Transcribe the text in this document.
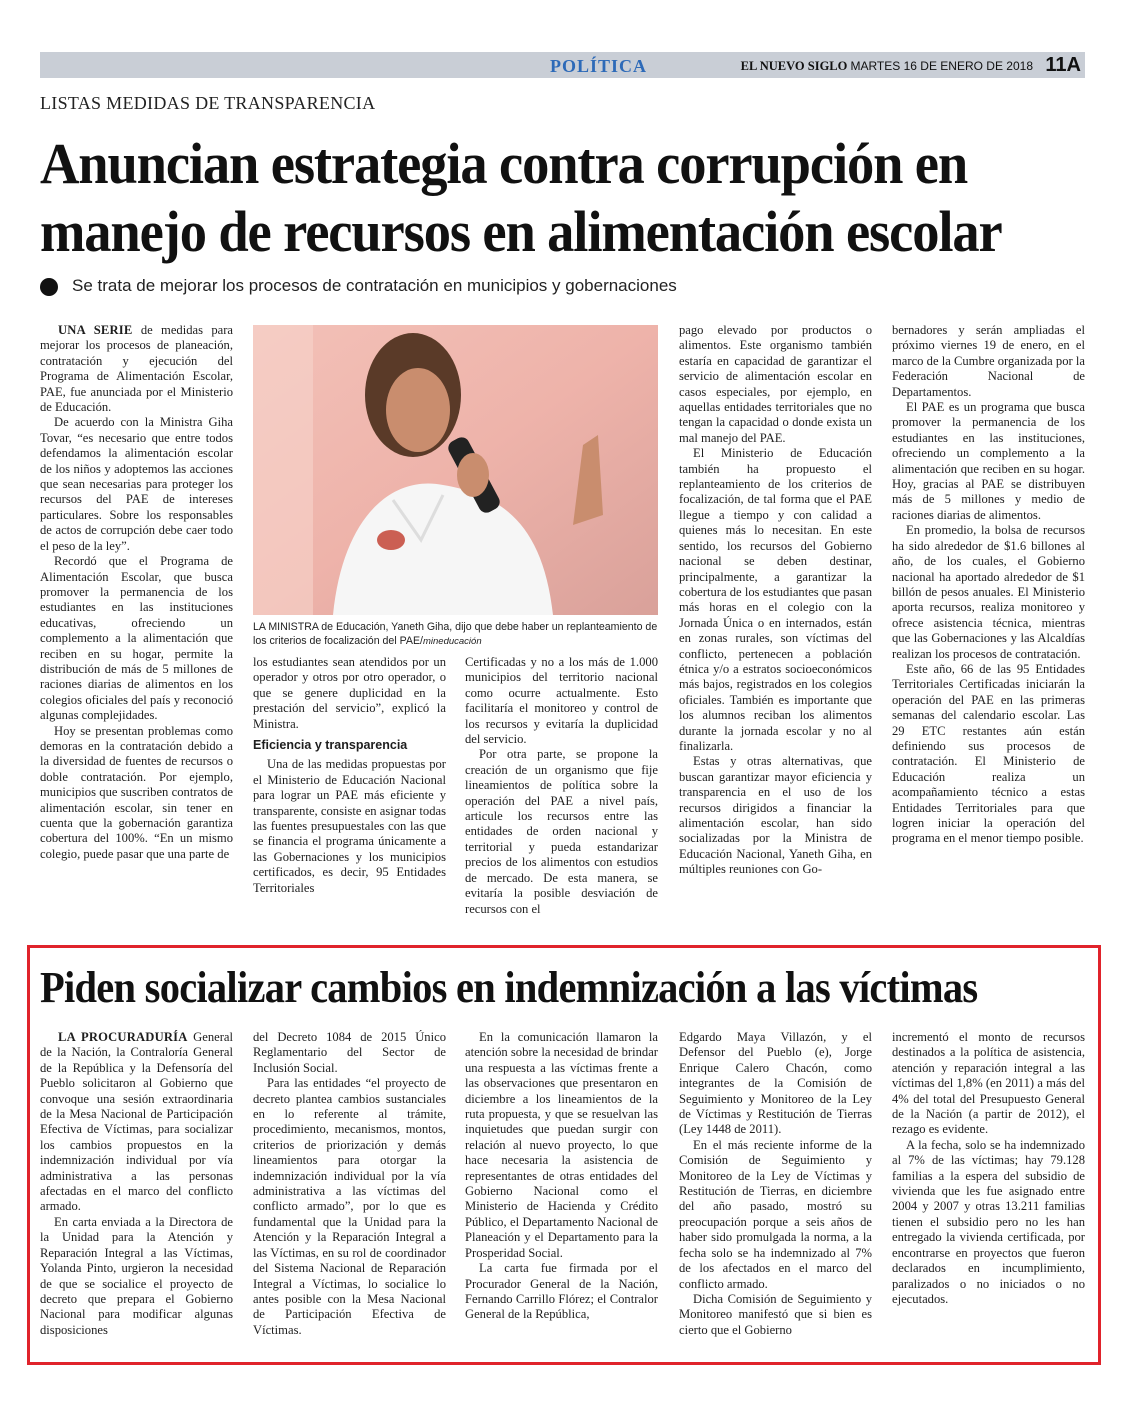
POLÍTICA	EL NUEVO SIGLO MARTES 16 DE ENERO DE 2018 11A
LISTAS MEDIDAS DE TRANSPARENCIA
Anuncian estrategia contra corrupción en
manejo de recursos en alimentación escolar
Se trata de mejorar los procesos de contratación en municipios y gobernaciones

UNA SERIE de medidas para mejorar los procesos de planeación, contratación y ejecución del Programa de Alimentación Escolar, PAE, fue anunciada por el Ministerio de Educación.

De acuerdo con la Ministra Giha Tovar, “es necesario que entre todos defendamos la alimentación escolar de los niños y adoptemos las acciones que sean necesarias para proteger los recursos del PAE de intereses particulares. Sobre los responsables de actos de corrupción debe caer todo el peso de la ley”.

Recordó que el Programa de Alimentación Escolar, que busca promover la permanencia de los estudiantes en las instituciones educativas, ofreciendo un complemento a la alimentación que reciben en su hogar, permite la distribución de más de 5 millones de raciones diarias de alimentos en los colegios oficiales del país y reconoció algunas complejidades.

Hoy se presentan problemas como demoras en la contratación debido a la diversidad de fuentes de recursos o doble contratación. Por ejemplo, municipios que suscriben contratos de alimentación escolar, sin tener en cuenta que la gobernación garantiza cobertura del 100%. “En un mismo colegio, puede pasar que una parte de

LA MINISTRA de Educación, Yaneth Giha, dijo que debe haber un replanteamiento de los criterios de focalización del PAE/mineducación

los estudiantes sean atendidos por un operador y otros por otro operador, o que se genere duplicidad en la prestación del servicio”, explicó la Ministra.

Eficiencia y transparencia

Una de las medidas propuestas por el Ministerio de Educación Nacional para lograr un PAE más eficiente y transparente, consiste en asignar todas las fuentes presupuestales con las que se financia el programa únicamente a las Gobernaciones y los municipios certificados, es decir, 95 Entidades Territoriales

Certificadas y no a los más de 1.000 municipios del territorio nacional como ocurre actualmente. Esto facilitaría el monitoreo y control de los recursos y evitaría la duplicidad del servicio.

Por otra parte, se propone la creación de un organismo que fije lineamientos de política sobre la operación del PAE a nivel país, articule los recursos entre las entidades de orden nacional y territorial y pueda estandarizar precios de los alimentos con estudios de mercado. De esta manera, se evitaría la posible desviación de recursos con el

pago elevado por productos o alimentos. Este organismo también estaría en capacidad de garantizar el servicio de alimentación escolar en casos especiales, por ejemplo, en aquellas entidades territoriales que no tengan la capacidad o donde exista un mal manejo del PAE.

El Ministerio de Educación también ha propuesto el replanteamiento de los criterios de focalización, de tal forma que el PAE llegue a tiempo y con calidad a quienes más lo necesitan. En este sentido, los recursos del Gobierno nacional se deben destinar, principalmente, a garantizar la cobertura de los estudiantes que pasan más horas en el colegio con la Jornada Única o en internados, están en zonas rurales, son víctimas del conflicto, pertenecen a población étnica y/o a estratos socioeconómicos más bajos, registrados en los colegios oficiales. También es importante que los alumnos reciban los alimentos durante la jornada escolar y no al finalizarla.

Estas y otras alternativas, que buscan garantizar mayor eficiencia y transparencia en el uso de los recursos dirigidos a financiar la alimentación escolar, han sido socializadas por la Ministra de Educación Nacional, Yaneth Giha, en múltiples reuniones con Go-

bernadores y serán ampliadas el próximo viernes 19 de enero, en el marco de la Cumbre organizada por la Federación Nacional de Departamentos.

El PAE es un programa que busca promover la permanencia de los estudiantes en las instituciones, ofreciendo un complemento a la alimentación que reciben en su hogar. Hoy, gracias al PAE se distribuyen más de 5 millones y medio de raciones diarias de alimentos.

En promedio, la bolsa de recursos ha sido alrededor de $1.6 billones al año, de los cuales, el Gobierno nacional ha aportado alrededor de $1 billón de pesos anuales. El Ministerio aporta recursos, realiza monitoreo y ofrece asistencia técnica, mientras que las Gobernaciones y las Alcaldías realizan los procesos de contratación.

Este año, 66 de las 95 Entidades Territoriales Certificadas iniciarán la operación del PAE en las primeras semanas del calendario escolar. Las 29 ETC restantes aún están definiendo sus procesos de contratación. El Ministerio de Educación realiza un acompañamiento técnico a estas Entidades Territoriales para que logren iniciar la operación del programa en el menor tiempo posible.

Piden socializar cambios en indemnización a las víctimas

LA PROCURADURÍA General de la Nación, la Contraloría General de la República y la Defensoría del Pueblo solicitaron al Gobierno que convoque una sesión extraordinaria de la Mesa Nacional de Participación Efectiva de Víctimas, para socializar los cambios propuestos en la indemnización individual por vía administrativa a las personas afectadas en el marco del conflicto armado.

En carta enviada a la Directora de la Unidad para la Atención y Reparación Integral a las Víctimas, Yolanda Pinto, urgieron la necesidad de que se socialice el proyecto de decreto que prepara el Gobierno Nacional para modificar algunas disposiciones

del Decreto 1084 de 2015 Único Reglamentario del Sector de Inclusión Social.

Para las entidades “el proyecto de decreto plantea cambios sustanciales en lo referente al trámite, procedimiento, mecanismos, montos, criterios de priorización y demás lineamientos para otorgar la indemnización individual por la vía administrativa a las víctimas del conflicto armado”, por lo que es fundamental que la Unidad para la Atención y la Reparación Integral a las Víctimas, en su rol de coordinador del Sistema Nacional de Reparación Integral a Víctimas, lo socialice lo antes posible con la Mesa Nacional de Participación Efectiva de Víctimas.

En la comunicación llamaron la atención sobre la necesidad de brindar una respuesta a las víctimas frente a las observaciones que presentaron en diciembre a los lineamientos de la ruta propuesta, y que se resuelvan las inquietudes que puedan surgir con relación al nuevo proyecto, lo que hace necesaria la asistencia de representantes de otras entidades del Gobierno Nacional como el Ministerio de Hacienda y Crédito Público, el Departamento Nacional de Planeación y el Departamento para la Prosperidad Social.

La carta fue firmada por el Procurador General de la Nación, Fernando Carrillo Flórez; el Contralor General de la República,

Edgardo Maya Villazón, y el Defensor del Pueblo (e), Jorge Enrique Calero Chacón, como integrantes de la Comisión de Seguimiento y Monitoreo de la Ley de Víctimas y Restitución de Tierras (Ley 1448 de 2011).

En el más reciente informe de la Comisión de Seguimiento y Monitoreo de la Ley de Víctimas y Restitución de Tierras, en diciembre del año pasado, mostró su preocupación porque a seis años de haber sido promulgada la norma, a la fecha solo se ha indemnizado al 7% de los afectados en el marco del conflicto armado.

Dicha Comisión de Seguimiento y Monitoreo manifestó que si bien es cierto que el Gobierno

incrementó el monto de recursos destinados a la política de asistencia, atención y reparación integral a las víctimas del 1,8% (en 2011) a más del 4% del total del Presupuesto General de la Nación (a partir de 2012), el rezago es evidente.

A la fecha, solo se ha indemnizado al 7% de las víctimas; hay 79.128 familias a la espera del subsidio de vivienda que les fue asignado entre 2004 y 2007 y otras 13.211 familias tienen el subsidio pero no les han entregado la vivienda certificada, por encontrarse en proyectos que fueron declarados en incumplimiento, paralizados o no iniciados o no ejecutados.
